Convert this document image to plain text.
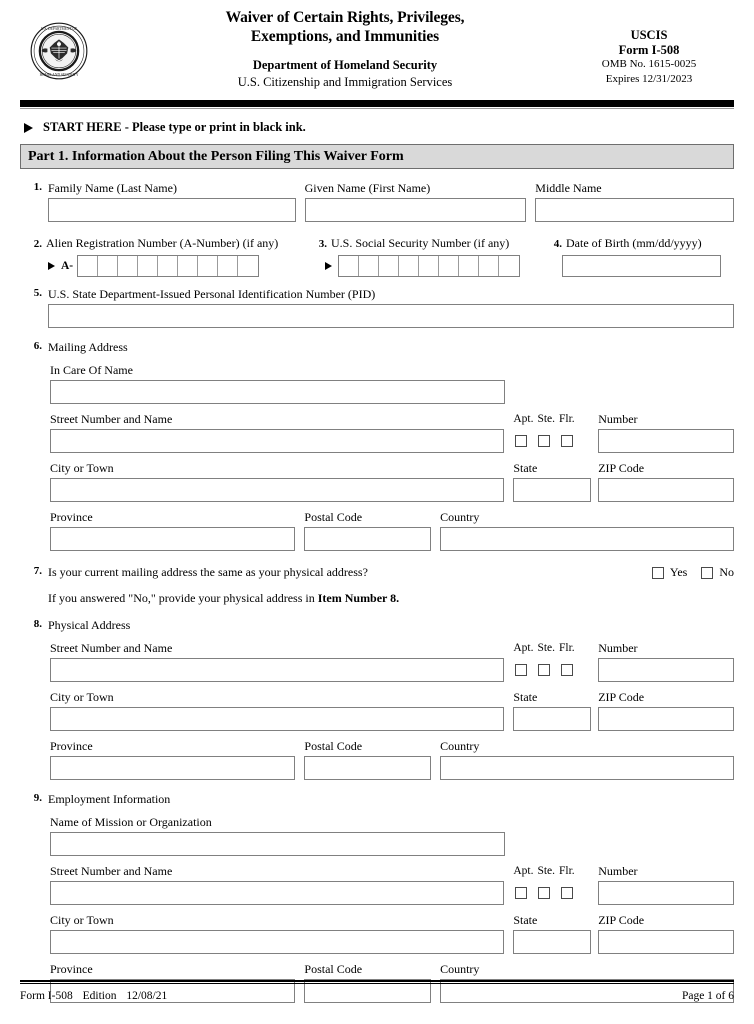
U.S. DEPARTMENT OF
HOMELAND SECURITY
Waiver of Certain Rights, Privileges,
Exemptions, and Immunities
Department of Homeland Security
U.S. Citizenship and Immigration Services
USCIS
Form I-508
OMB No. 1615-0025
Expires 12/31/2023
START HERE - Please type or print in black ink.
Part 1. Information About the Person Filing This Waiver Form
1. Family Name (Last Name)	Given Name (First Name)	Middle Name
2. Alien Registration Number (A-Number) (if any)
A-
3. U.S. Social Security Number (if any)	4. Date of Birth (mm/dd/yyyy)
5. U.S. State Department-Issued Personal Identification Number (PID)
6. Mailing Address
In Care Of Name
Street Number and Name	Apt. Ste. Flr. Number
City or Town	State	ZIP Code
Province	Postal Code	Country
7. Is your current mailing address the same as your physical address?	Yes	No
If you answered "No," provide your physical address in Item Number 8.
8. Physical Address
Street Number and Name	Apt. Ste. Flr. Number
City or Town	State	ZIP Code
Province	Postal Code	Country
9. Employment Information
Name of Mission or Organization
Street Number and Name	Apt. Ste. Flr. Number
City or Town	State	ZIP Code
Province	Postal Code	Country
Form I-508 Edition 12/08/21	Page 1 of 6
